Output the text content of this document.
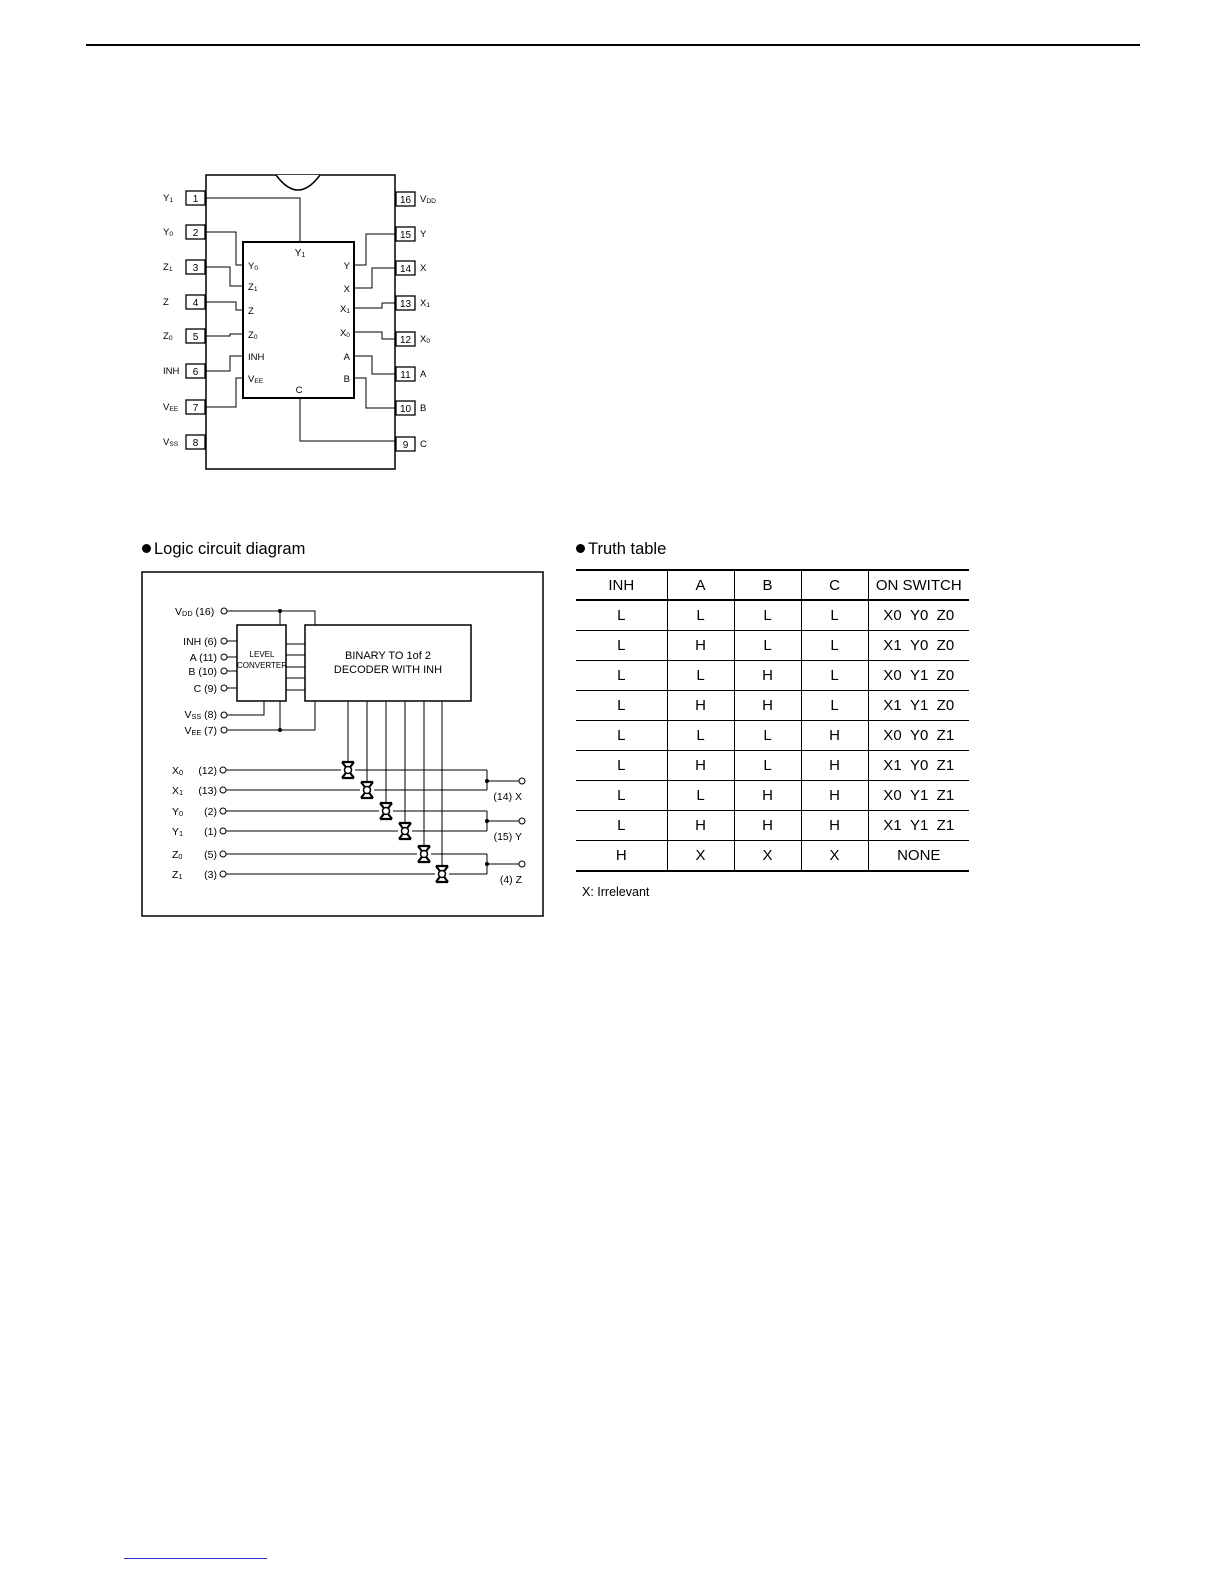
1
Y1
2
Y0
3
Z1
4
Z
5
Z0
6
INH
7
VEE
8
VSS
16 VDD
15 Y
14 X
13 X1
12 X0
11 A
10 B
9 C
Y0
Z1
Z
Z0
INH
VEE
Y
X
X1
X0
A
B
Y1
C
VDD (16)
INH (6)
A (11)
B (10)
C (9)
LEVEL
CONVERTER
BINARY TO 1of 2
DECODER WITH INH
VSS (8)
VEE (7)
X0 (12)
X1 (13)
Y0 (2)
Y1 (1)
Z0 (5)
Z1 (3)
(14) X
(15) Y
(4) Z
Logic circuit diagram	Truth table
INH	A	B	C	ON SWITCH
L	L	L	L	X0  Y0  Z0
L	H	L	L	X1  Y0  Z0
L	L	H	L	X0  Y1  Z0
L	H	H	L	X1  Y1  Z0
L	L	L	H	X0  Y0  Z1
L	H	L	H	X1  Y0  Z1
L	L	H	H	X0  Y1  Z1
L	H	H	H	X1  Y1  Z1
H	X	X	X	NONE
X: Irrelevant
